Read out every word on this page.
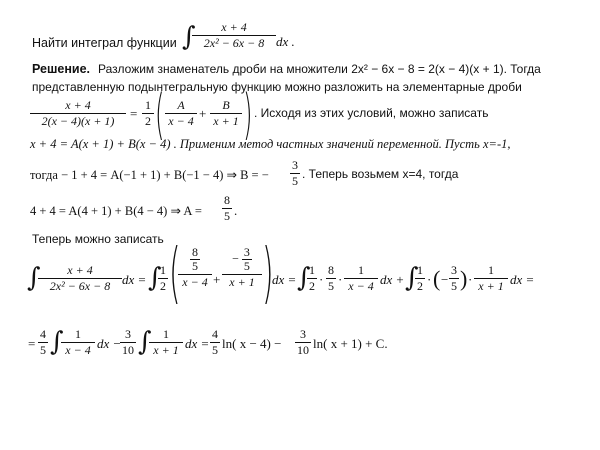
Найти интеграл функции ∫	x + 4
2x² − 6x − 8 dx .
Решение. Разложим знаменатель дроби на множители 2x² − 6x − 8 = 2(x − 4)(x + 1). Тогда
представленную подынтегральную функцию можно разложить на элементарные дроби
x + 4
2(x − 4)(x + 1)	=
1
2 (	A
x − 4 +
B
x + 1 ) . Исходя из этих условий, можно записать
x + 4 = A(x + 1) + B(x − 4) . Применим метод частных значений переменной. Пусть x=-1,
тогда − 1 + 4 = A(−1 + 1) + B(−1 − 4) ⇒ B = −
3
5 . Теперь возьмем x=4, тогда
4 + 4 = A(4 + 1) + B(4 − 4) ⇒ A =
8
5 .
Теперь можно записать
∫	x + 4
2x² − 6x − 8 dx = ∫
1
2 ( $\frac{8}{5}$
x − 4 +
− $\frac{3}{5}$
x + 1 )
dx = ∫
1
2 ·
8
5 ·
1
x − 4 dx + ∫
1
2 · ( −
3
5 ) ·
1
x + 1 dx =
=
4
5 ∫ 1
x − 4 dx −
3
10 ∫ 1
x + 1 dx =
4
5 ln( x − 4) −
3
10 ln( x + 1) + C.
